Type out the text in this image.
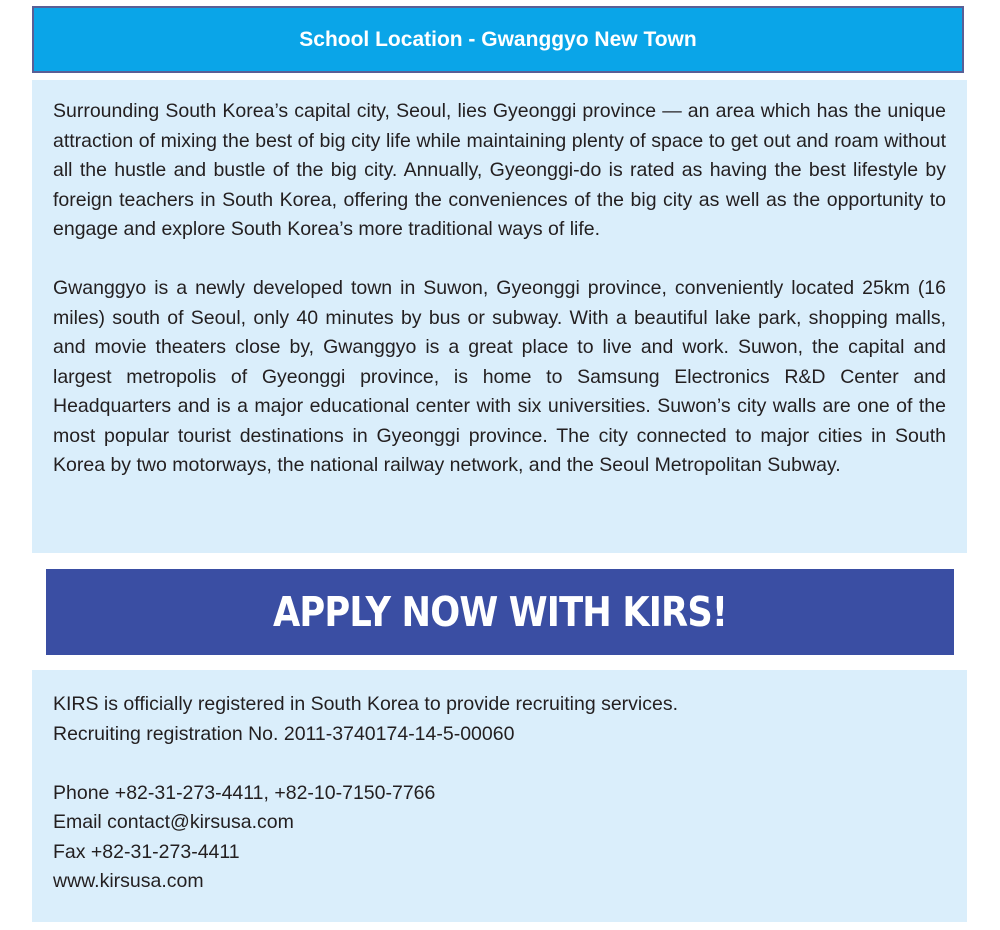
School Location - Gwanggyo New Town

Surrounding South Korea’s capital city, Seoul, lies Gyeonggi province — an area which has the unique attraction of mixing the best of big city life while maintaining plenty of space to get out and roam without all the hustle and bustle of the big city. Annually, Gyeonggi-do is rated as having the best lifestyle by foreign teachers in South Korea, offering the conveniences of the big city as well as the opportunity to engage and explore South Korea’s more traditional ways of life.

Gwanggyo is a newly developed town in Suwon, Gyeonggi province, conveniently located 25km (16 miles) south of Seoul, only 40 minutes by bus or subway. With a beautiful lake park, shopping malls, and movie theaters close by, Gwanggyo is a great place to live and work. Suwon, the capital and largest metropolis of Gyeonggi province, is home to Samsung Electronics R&D Center and Headquarters and is a major educational center with six universities. Suwon’s city walls are one of the most popular tourist destinations in Gyeonggi province. The city connected to major cities in South Korea by two motorways, the national railway network, and the Seoul Metropolitan Subway.

APPLY NOW WITH KIRS!
KIRS is officially registered in South Korea to provide recruiting services.
Recruiting registration No. 2011-3740174-14-5-00060
Phone +82-31-273-4411, +82-10-7150-7766
Email contact@kirsusa.com
Fax +82-31-273-4411
www.kirsusa.com
